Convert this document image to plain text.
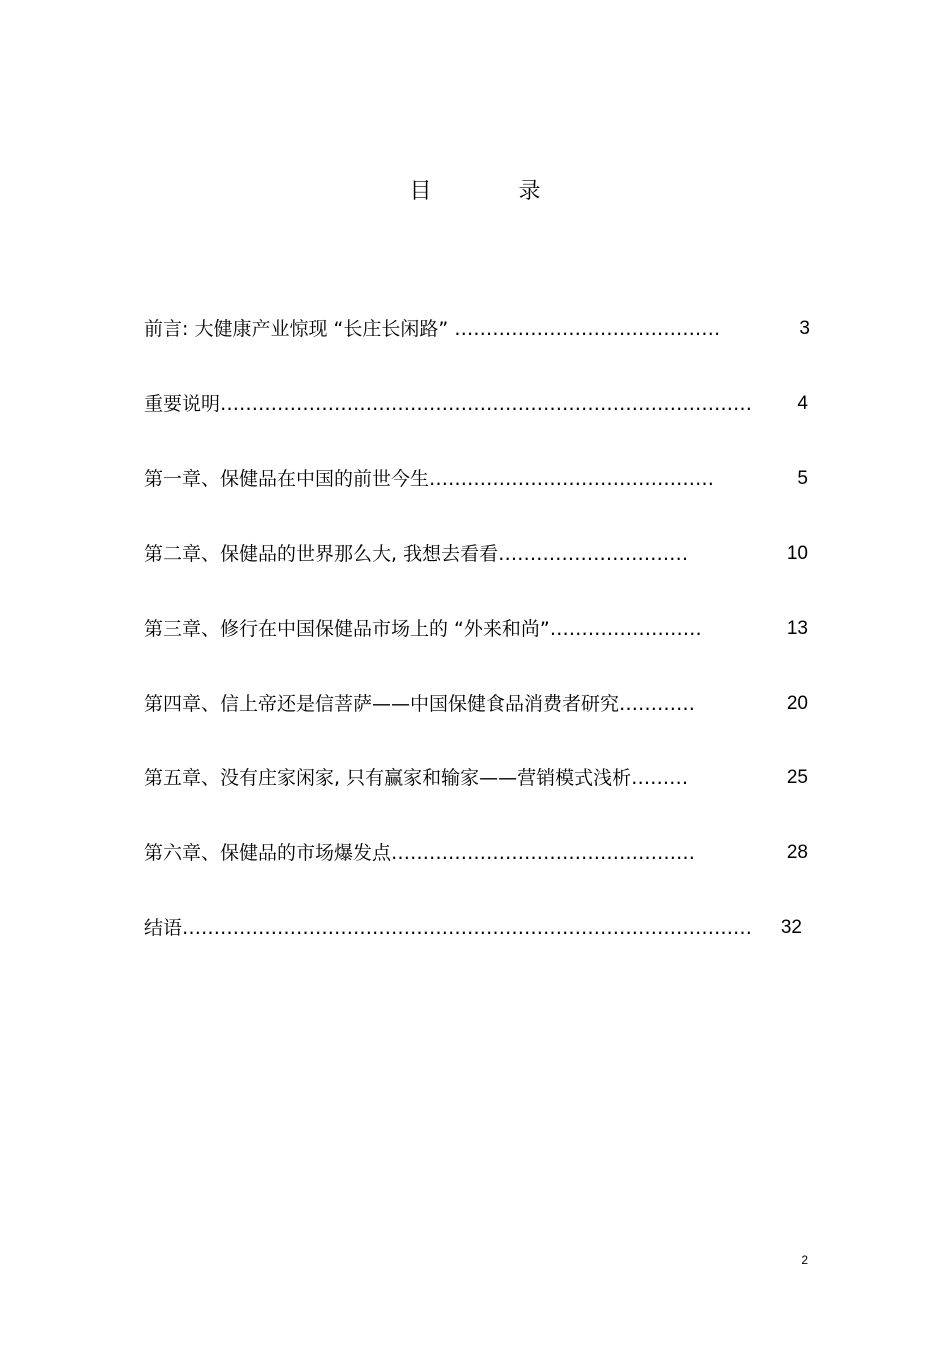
目 录
前言: 大健康产业惊现 “长庄长闲路” ……………………………………	3
重要说明…………………………………………………………………………	4
第一章、保健品在中国的前世今生………………………………………	5
第二章、保健品的世界那么大, 我想去看看…………………………	10
第三章、修行在中国保健品市场上的 “外来和尚”……………………	13
第四章、信上帝还是信菩萨——中国保健食品消费者研究…………	20
第五章、没有庄家闲家, 只有赢家和输家——营销模式浅析………	25
第六章、保健品的市场爆发点…………………………………………	28
结语………………………………………………………………………………	32
2
